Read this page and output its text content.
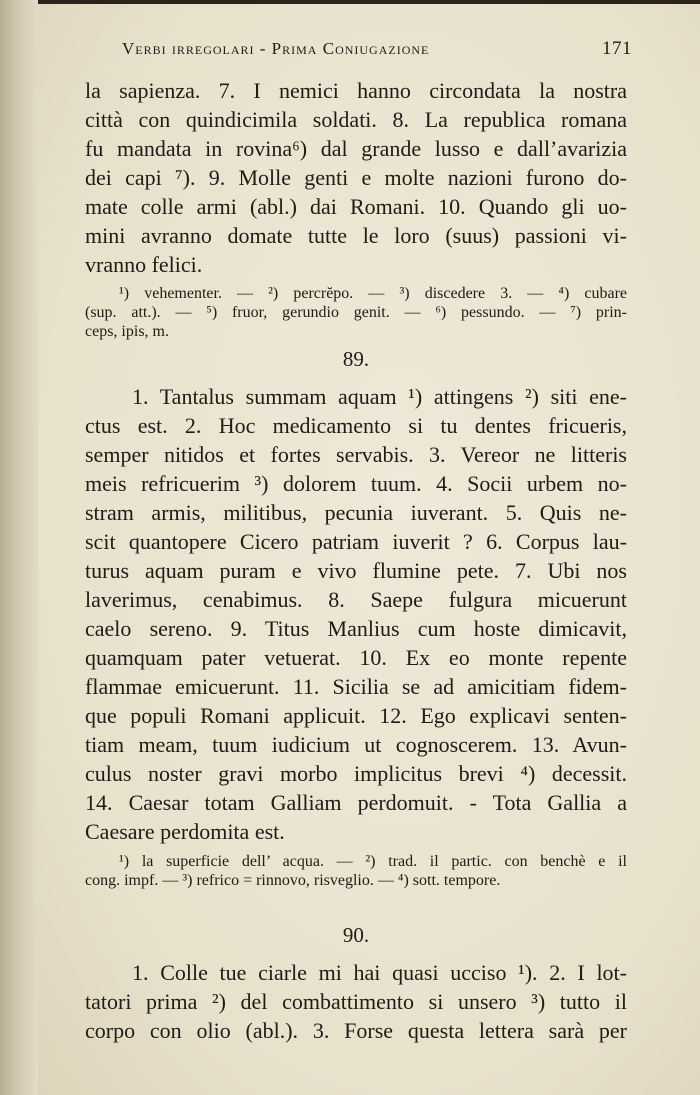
Verbi irregolari - Prima Coniugazione	171
la sapienza. 7. I nemici hanno circondata la nostra
città con quindicimila soldati. 8. La republica romana
fu mandata in rovina⁶) dal grande lusso e dall’avarizia
dei capi ⁷). 9. Molle genti e molte nazioni furono do-
mate colle armi (abl.) dai Romani. 10. Quando gli uo-
mini avranno domate tutte le loro (suus) passioni vi-
vranno felici.
¹) vehementer. — ²) percrĕpo. — ³) discedere 3. — ⁴) cubare
(sup. att.). — ⁵) fruor, gerundio genit. — ⁶) pessundo. — ⁷) prin-
ceps, ipis, m.
89.
1. Tantalus summam aquam ¹) attingens ²) siti ene-
ctus est. 2. Hoc medicamento si tu dentes fricueris,
semper nitidos et fortes servabis. 3. Vereor ne litteris
meis refricuerim ³) dolorem tuum. 4. Socii urbem no-
stram armis, militibus, pecunia iuverant. 5. Quis ne-
scit quantopere Cicero patriam iuverit ? 6. Corpus lau-
turus aquam puram e vivo flumine pete. 7. Ubi nos
laverimus, cenabimus. 8. Saepe fulgura micuerunt
caelo sereno. 9. Titus Manlius cum hoste dimicavit,
quamquam pater vetuerat. 10. Ex eo monte repente
flammae emicuerunt. 11. Sicilia se ad amicitiam fidem-
que populi Romani applicuit. 12. Ego explicavi senten-
tiam meam, tuum iudicium ut cognoscerem. 13. Avun-
culus noster gravi morbo implicitus brevi ⁴) decessit.
14. Caesar totam Galliam perdomuit. - Tota Gallia a
Caesare perdomita est.
¹) la superficie dell’ acqua. — ²) trad. il partic. con benchè e il
cong. impf. — ³) refrico = rinnovo, risveglio. — ⁴) sott. tempore.
90.
1. Colle tue ciarle mi hai quasi ucciso ¹). 2. I lot-
tatori prima ²) del combattimento si unsero ³) tutto il
corpo con olio (abl.). 3. Forse questa lettera sarà per
